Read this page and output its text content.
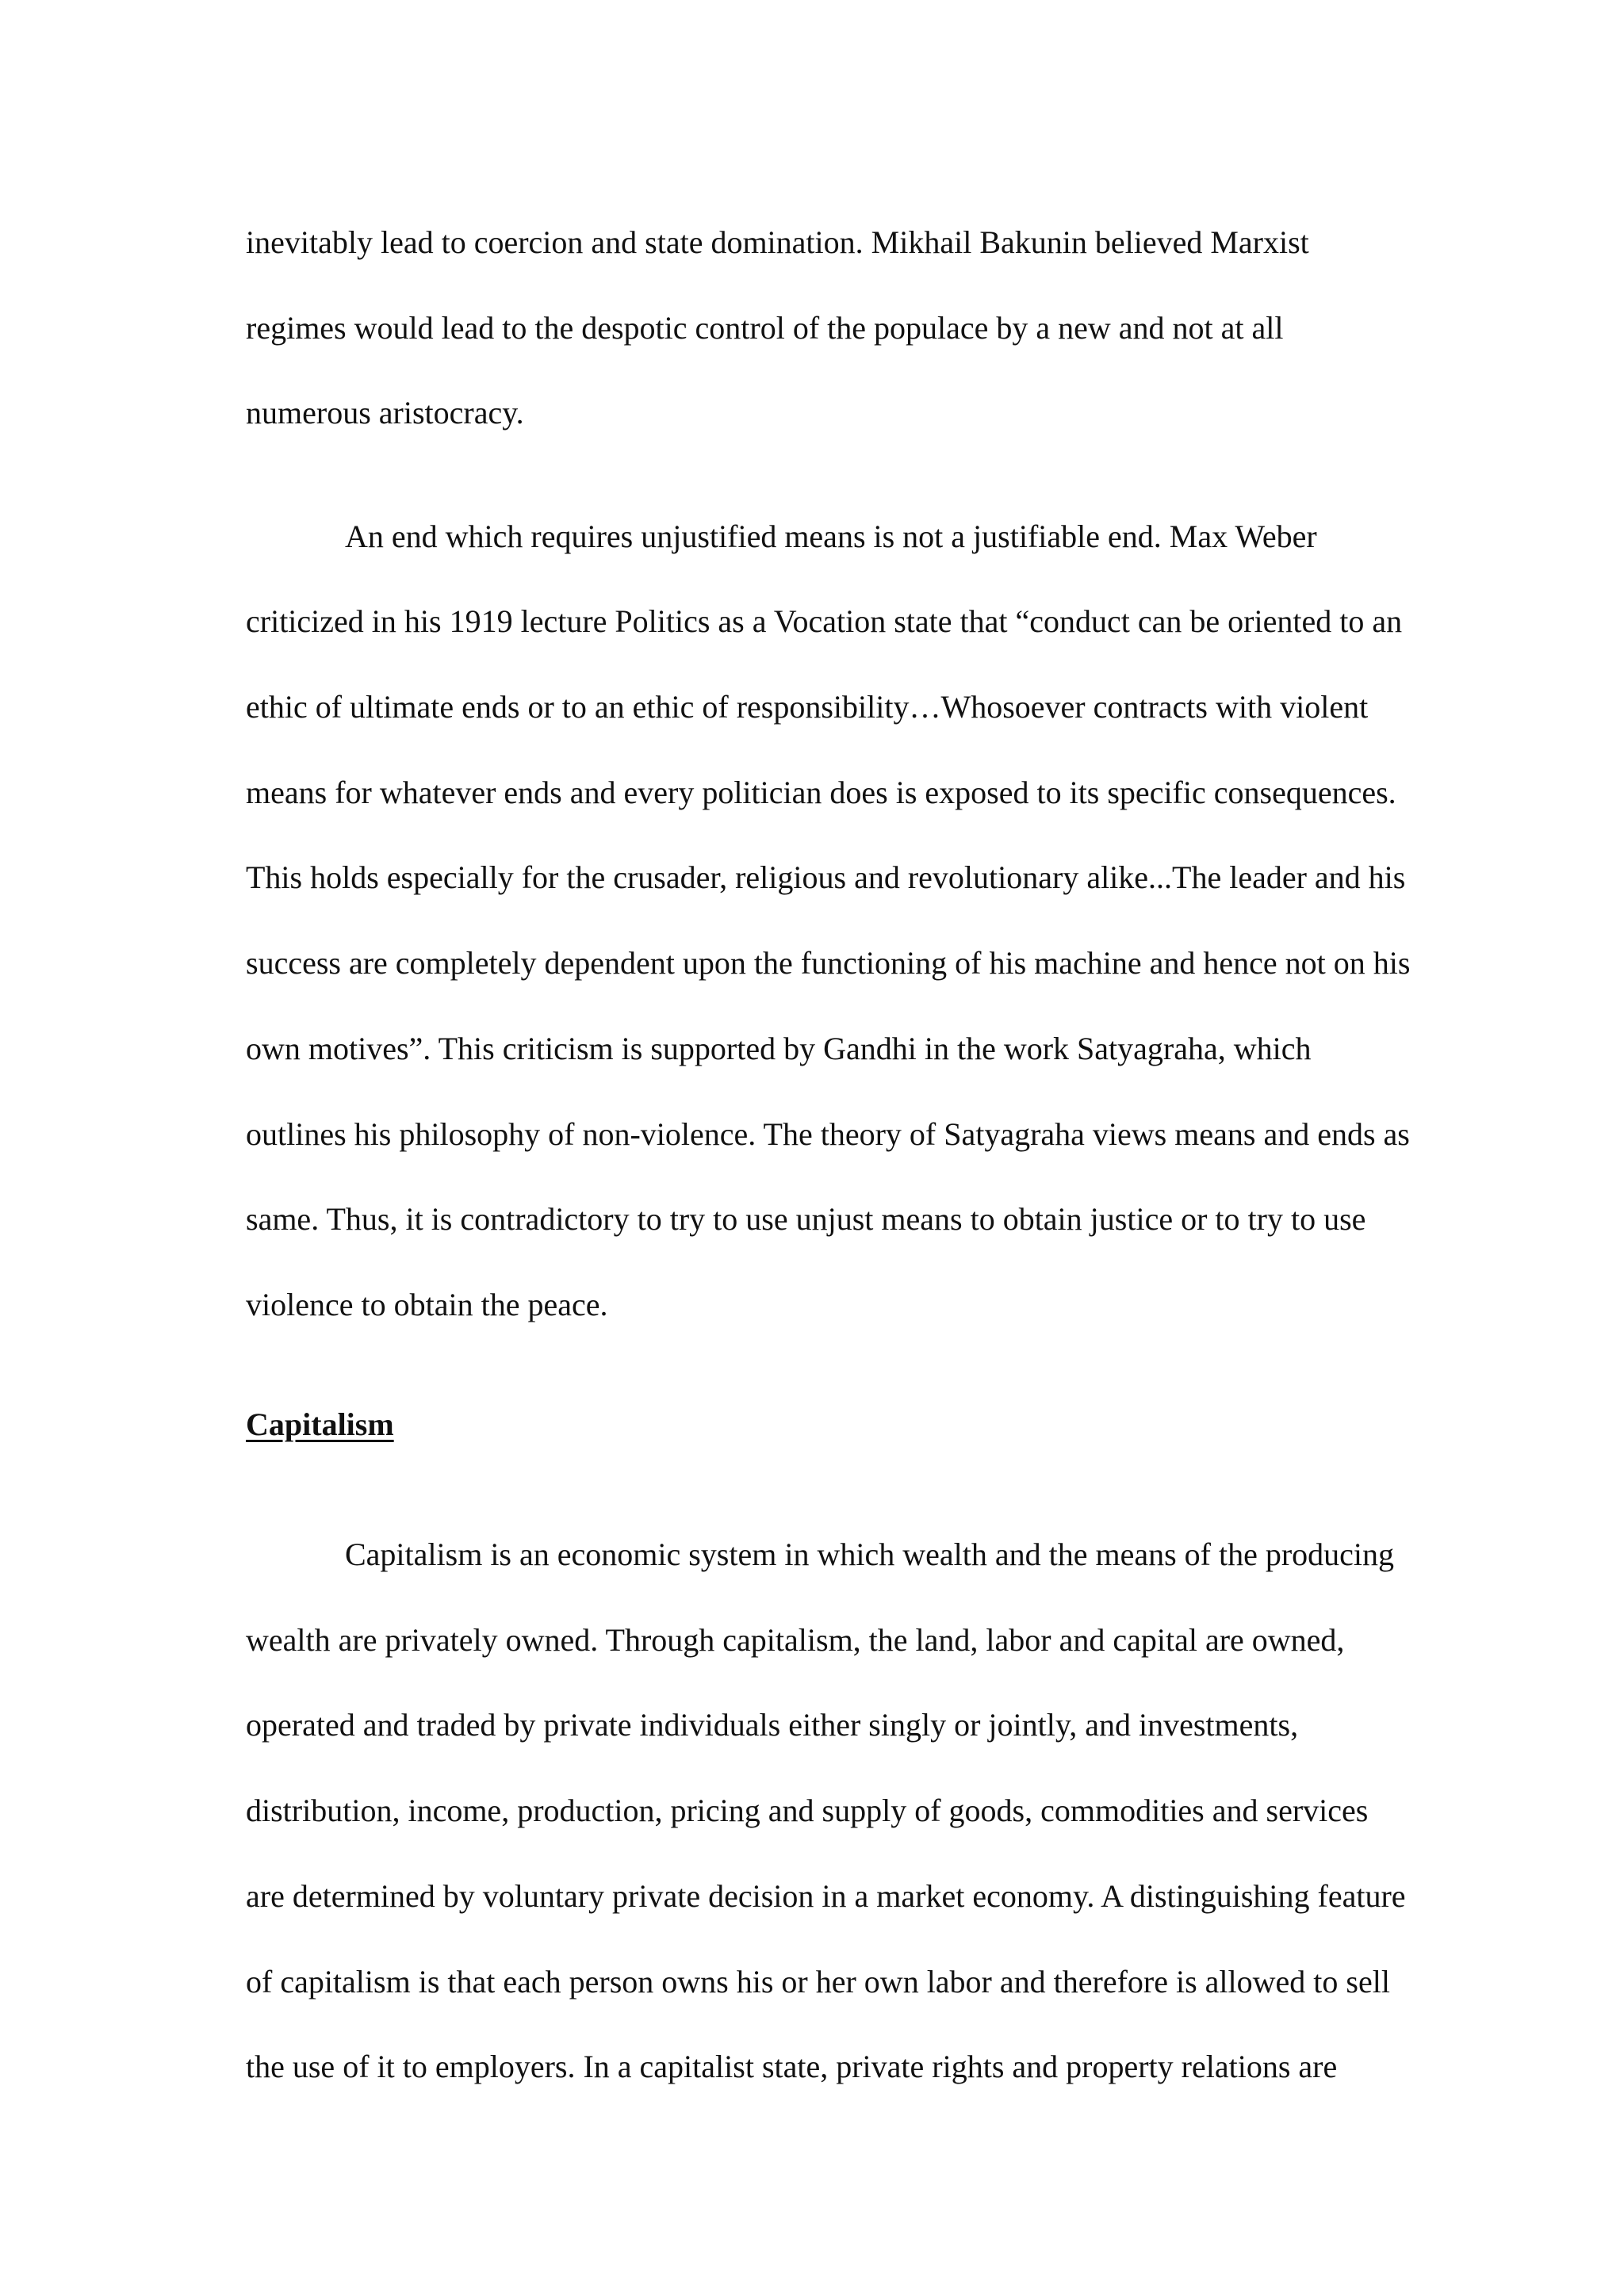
inevitably lead to coercion and state domination. Mikhail Bakunin believed Marxist

regimes would lead to the despotic control of the populace by a new and not at all

numerous aristocracy.

An end which requires unjustified means is not a justifiable end. Max Weber

criticized in his 1919 lecture Politics as a Vocation state that “conduct can be oriented to an

ethic of ultimate ends or to an ethic of responsibility…Whosoever contracts with violent

means for whatever ends and every politician does is exposed to its specific consequences.

This holds especially for the crusader, religious and revolutionary alike...The leader and his

success are completely dependent upon the functioning of his machine and hence not on his

own motives”. This criticism is supported by Gandhi in the work Satyagraha, which

outlines his philosophy of non-violence. The theory of Satyagraha views means and ends as

same. Thus, it is contradictory to try to use unjust means to obtain justice or to try to use

violence to obtain the peace.

Capitalism

Capitalism is an economic system in which wealth and the means of the producing

wealth are privately owned. Through capitalism, the land, labor and capital are owned,

operated and traded by private individuals either singly or jointly, and investments,

distribution, income, production, pricing and supply of goods, commodities and services

are determined by voluntary private decision in a market economy. A distinguishing feature

of capitalism is that each person owns his or her own labor and therefore is allowed to sell

the use of it to employers. In a capitalist state, private rights and property relations are
